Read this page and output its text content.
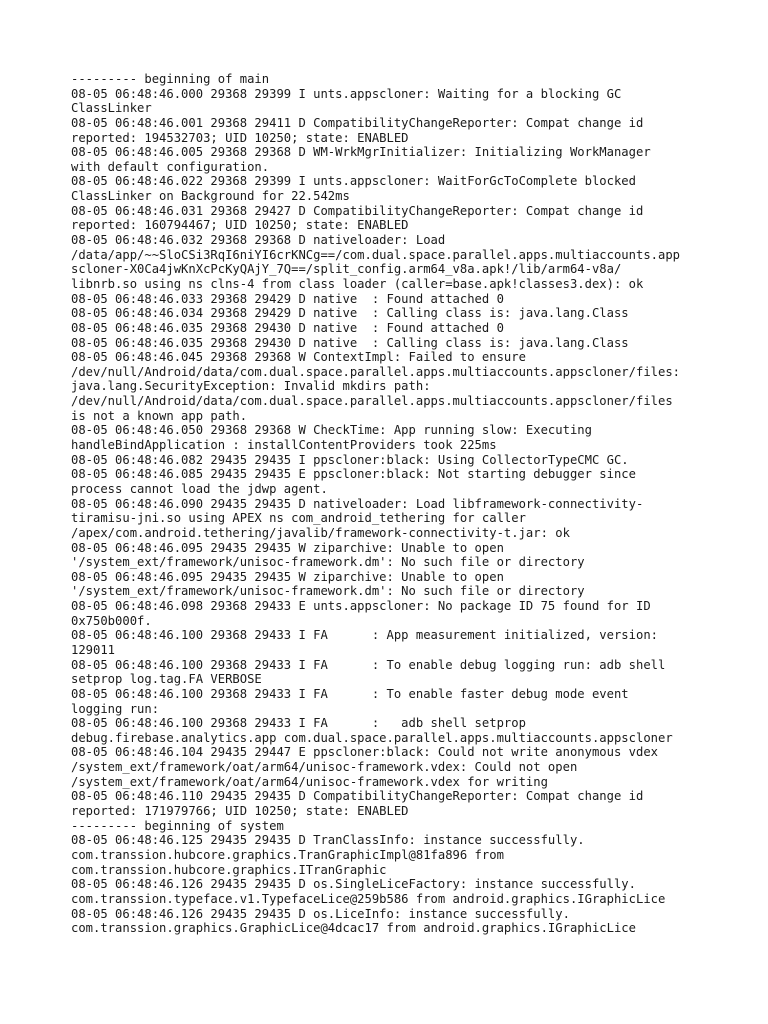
--------- beginning of main
08-05 06:48:46.000 29368 29399 I unts.appscloner: Waiting for a blocking GC
ClassLinker
08-05 06:48:46.001 29368 29411 D CompatibilityChangeReporter: Compat change id
reported: 194532703; UID 10250; state: ENABLED
08-05 06:48:46.005 29368 29368 D WM-WrkMgrInitializer: Initializing WorkManager
with default configuration.
08-05 06:48:46.022 29368 29399 I unts.appscloner: WaitForGcToComplete blocked
ClassLinker on Background for 22.542ms
08-05 06:48:46.031 29368 29427 D CompatibilityChangeReporter: Compat change id
reported: 160794467; UID 10250; state: ENABLED
08-05 06:48:46.032 29368 29368 D nativeloader: Load
/data/app/~~SloCSi3RqI6niYI6crKNCg==/com.dual.space.parallel.apps.multiaccounts.app
scloner-X0Ca4jwKnXcPcKyQAjY_7Q==/split_config.arm64_v8a.apk!/lib/arm64-v8a/
libnrb.so using ns clns-4 from class loader (caller=base.apk!classes3.dex): ok
08-05 06:48:46.033 29368 29429 D native  : Found attached 0
08-05 06:48:46.034 29368 29429 D native  : Calling class is: java.lang.Class
08-05 06:48:46.035 29368 29430 D native  : Found attached 0
08-05 06:48:46.035 29368 29430 D native  : Calling class is: java.lang.Class
08-05 06:48:46.045 29368 29368 W ContextImpl: Failed to ensure
/dev/null/Android/data/com.dual.space.parallel.apps.multiaccounts.appscloner/files:
java.lang.SecurityException: Invalid mkdirs path:
/dev/null/Android/data/com.dual.space.parallel.apps.multiaccounts.appscloner/files
is not a known app path.
08-05 06:48:46.050 29368 29368 W CheckTime: App running slow: Executing
handleBindApplication : installContentProviders took 225ms
08-05 06:48:46.082 29435 29435 I ppscloner:black: Using CollectorTypeCMC GC.
08-05 06:48:46.085 29435 29435 E ppscloner:black: Not starting debugger since
process cannot load the jdwp agent.
08-05 06:48:46.090 29435 29435 D nativeloader: Load libframework-connectivity-
tiramisu-jni.so using APEX ns com_android_tethering for caller
/apex/com.android.tethering/javalib/framework-connectivity-t.jar: ok
08-05 06:48:46.095 29435 29435 W ziparchive: Unable to open
'/system_ext/framework/unisoc-framework.dm': No such file or directory
08-05 06:48:46.095 29435 29435 W ziparchive: Unable to open
'/system_ext/framework/unisoc-framework.dm': No such file or directory
08-05 06:48:46.098 29368 29433 E unts.appscloner: No package ID 75 found for ID
0x750b000f.
08-05 06:48:46.100 29368 29433 I FA      : App measurement initialized, version:
129011
08-05 06:48:46.100 29368 29433 I FA      : To enable debug logging run: adb shell
setprop log.tag.FA VERBOSE
08-05 06:48:46.100 29368 29433 I FA      : To enable faster debug mode event
logging run:
08-05 06:48:46.100 29368 29433 I FA      :   adb shell setprop
debug.firebase.analytics.app com.dual.space.parallel.apps.multiaccounts.appscloner
08-05 06:48:46.104 29435 29447 E ppscloner:black: Could not write anonymous vdex
/system_ext/framework/oat/arm64/unisoc-framework.vdex: Could not open
/system_ext/framework/oat/arm64/unisoc-framework.vdex for writing
08-05 06:48:46.110 29435 29435 D CompatibilityChangeReporter: Compat change id
reported: 171979766; UID 10250; state: ENABLED
--------- beginning of system
08-05 06:48:46.125 29435 29435 D TranClassInfo: instance successfully.
com.transsion.hubcore.graphics.TranGraphicImpl@81fa896 from
com.transsion.hubcore.graphics.ITranGraphic
08-05 06:48:46.126 29435 29435 D os.SingleLiceFactory: instance successfully.
com.transsion.typeface.v1.TypefaceLice@259b586 from android.graphics.IGraphicLice
08-05 06:48:46.126 29435 29435 D os.LiceInfo: instance successfully.
com.transsion.graphics.GraphicLice@4dcac17 from android.graphics.IGraphicLice
